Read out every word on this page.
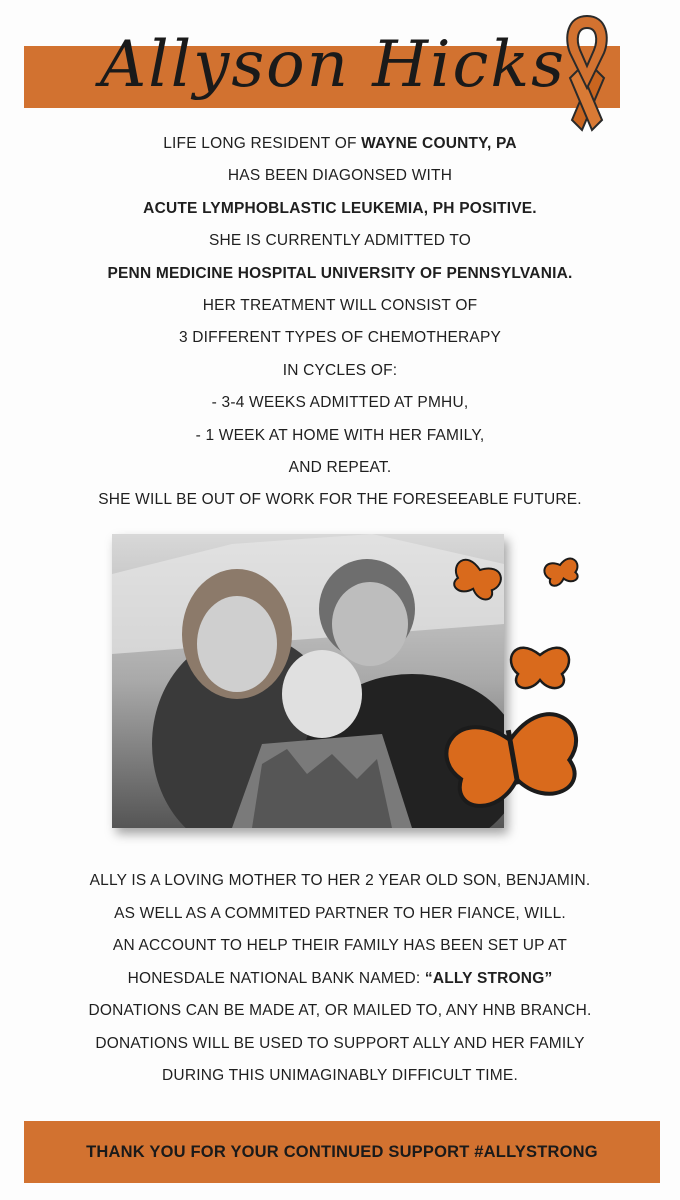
Allyson Hicks
LIFE LONG RESIDENT OF WAYNE COUNTY, PA
HAS BEEN DIAGONSED WITH
ACUTE LYMPHOBLASTIC LEUKEMIA, PH POSITIVE.
SHE IS CURRENTLY ADMITTED TO
PENN MEDICINE HOSPITAL UNIVERSITY OF PENNSYLVANIA.
HER TREATMENT WILL CONSIST OF
3 DIFFERENT TYPES OF CHEMOTHERAPY
IN CYCLES OF:
- 3-4 WEEKS ADMITTED AT PMHU,
- 1 WEEK AT HOME WITH HER FAMILY,
AND REPEAT.
SHE WILL BE OUT OF WORK FOR THE FORESEEABLE FUTURE.
ALLY IS A LOVING MOTHER TO HER 2 YEAR OLD SON, BENJAMIN.
AS WELL AS A COMMITED PARTNER TO HER FIANCE, WILL.
AN ACCOUNT TO HELP THEIR FAMILY HAS BEEN SET UP AT
HONESDALE NATIONAL BANK NAMED: “ALLY STRONG”
DONATIONS CAN BE MADE AT, OR MAILED TO, ANY HNB BRANCH.
DONATIONS WILL BE USED TO SUPPORT ALLY AND HER FAMILY
DURING THIS UNIMAGINABLY DIFFICULT TIME.
THANK YOU FOR YOUR CONTINUED SUPPORT #ALLYSTRONG
